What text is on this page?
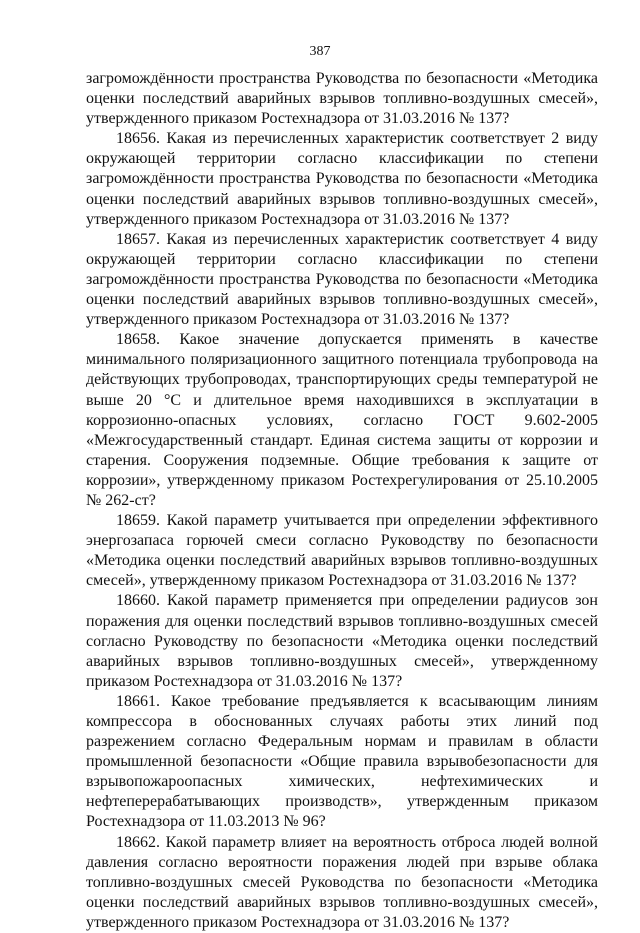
387

загромождённости пространства Руководства по безопасности «Методика оценки последствий аварийных взрывов топливно-воздушных смесей», утвержденного приказом Ростехнадзора от 31.03.2016 № 137?

18656. Какая из перечисленных характеристик соответствует 2 виду окружающей территории согласно классификации по степени загромождённости пространства Руководства по безопасности «Методика оценки последствий аварийных взрывов топливно-воздушных смесей», утвержденного приказом Ростехнадзора от 31.03.2016 № 137?

18657. Какая из перечисленных характеристик соответствует 4 виду окружающей территории согласно классификации по степени загромождённости пространства Руководства по безопасности «Методика оценки последствий аварийных взрывов топливно-воздушных смесей», утвержденного приказом Ростехнадзора от 31.03.2016 № 137?

18658. Какое значение допускается применять в качестве минимального поляризационного защитного потенциала трубопровода на действующих трубопроводах, транспортирующих среды температурой не выше 20 °С и длительное время находившихся в эксплуатации в коррозионно-опасных условиях, согласно ГОСТ 9.602-2005 «Межгосударственный стандарт. Единая система защиты от коррозии и старения. Сооружения подземные. Общие требования к защите от коррозии», утвержденному приказом Ростехрегулирования от 25.10.2005 № 262-ст?

18659. Какой параметр учитывается при определении эффективного энергозапаса горючей смеси согласно Руководству по безопасности «Методика оценки последствий аварийных взрывов топливно-воздушных смесей», утвержденному приказом Ростехнадзора от 31.03.2016 № 137?

18660. Какой параметр применяется при определении радиусов зон поражения для оценки последствий взрывов топливно-воздушных смесей согласно Руководству по безопасности «Методика оценки последствий аварийных взрывов топливно-воздушных смесей», утвержденному приказом Ростехнадзора от 31.03.2016 № 137?

18661. Какое требование предъявляется к всасывающим линиям компрессора в обоснованных случаях работы этих линий под разрежением согласно Федеральным нормам и правилам в области промышленной безопасности «Общие правила взрывобезопасности для взрывопожароопасных химических, нефтехимических и нефтеперерабатывающих производств», утвержденным приказом Ростехнадзора от 11.03.2013 № 96?

18662. Какой параметр влияет на вероятность отброса людей волной давления согласно вероятности поражения людей при взрыве облака топливно-воздушных смесей Руководства по безопасности «Методика оценки последствий аварийных взрывов топливно-воздушных смесей», утвержденного приказом Ростехнадзора от 31.03.2016 № 137?
